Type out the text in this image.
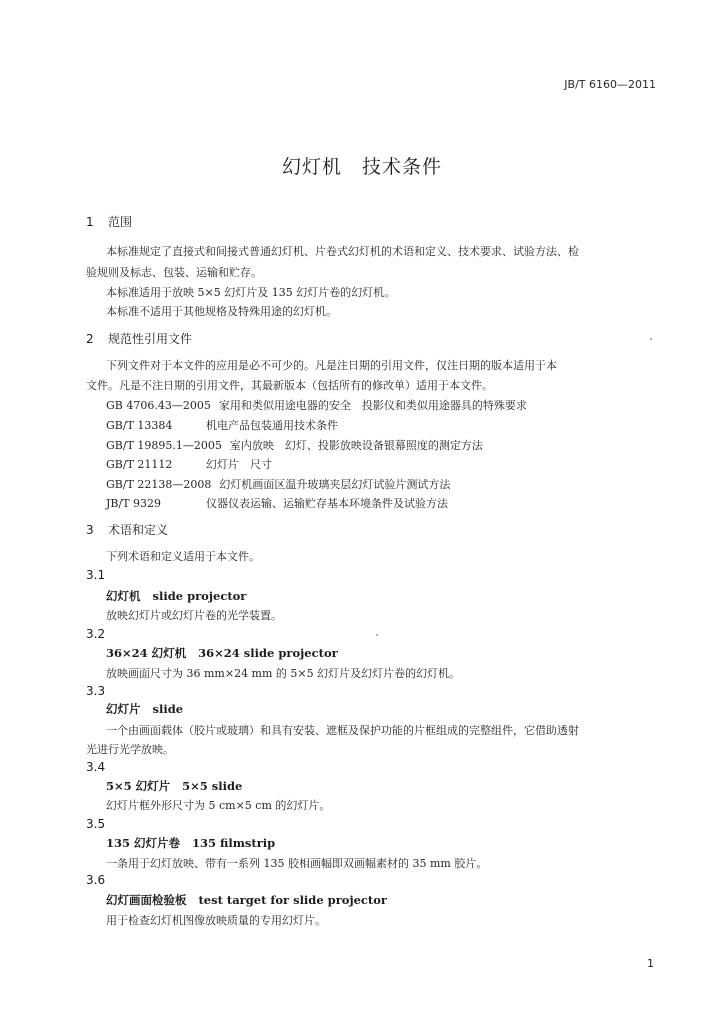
JB/T 6160—2011
幻灯机　技术条件
1 范围
本标准规定了直接式和间接式普通幻灯机、片卷式幻灯机的术语和定义、技术要求、试验方法、检
验规则及标志、包装、运输和贮存。
本标准适用于放映 5×5 幻灯片及 135 幻灯片卷的幻灯机。
本标准不适用于其他规格及特殊用途的幻灯机。
2 规范性引用文件
下列文件对于本文件的应用是必不可少的。凡是注日期的引用文件，仅注日期的版本适用于本
文件。凡是不注日期的引用文件，其最新版本（包括所有的修改单）适用于本文件。
GB 4706.43—2005 家用和类似用途电器的安全　投影仪和类似用途器具的特殊要求
GB/T 13384	机电产品包装通用技术条件
GB/T 19895.1—2005 室内放映　幻灯、投影放映设备银幕照度的测定方法
GB/T 21112	幻灯片　尺寸
GB/T 22138—2008 幻灯机画面区温升玻璃夹层幻灯试验片测试方法
JB/T 9329	仪器仪表运输、运输贮存基本环境条件及试验方法
3 术语和定义
下列术语和定义适用于本文件。
3.1
幻灯机 slide projector
放映幻灯片或幻灯片卷的光学装置。
3.2
36×24 幻灯机 36×24 slide projector
放映画面尺寸为 36 mm×24 mm 的 5×5 幻灯片及幻灯片卷的幻灯机。
3.3
幻灯片 slide
一个由画面载体（胶片或玻璃）和具有安装、遮框及保护功能的片框组成的完整组件，它借助透射
光进行光学放映。
3.4
5×5 幻灯片 5×5 slide
幻灯片框外形尺寸为 5 cm×5 cm 的幻灯片。
3.5
135 幻灯片卷 135 filmstrip
一条用于幻灯放映、带有一系列 135 胶相画幅即双画幅素材的 35 mm 胶片。
3.6
幻灯画面检验板 test target for slide projector
用于检查幻灯机图像放映质量的专用幻灯片。
1
